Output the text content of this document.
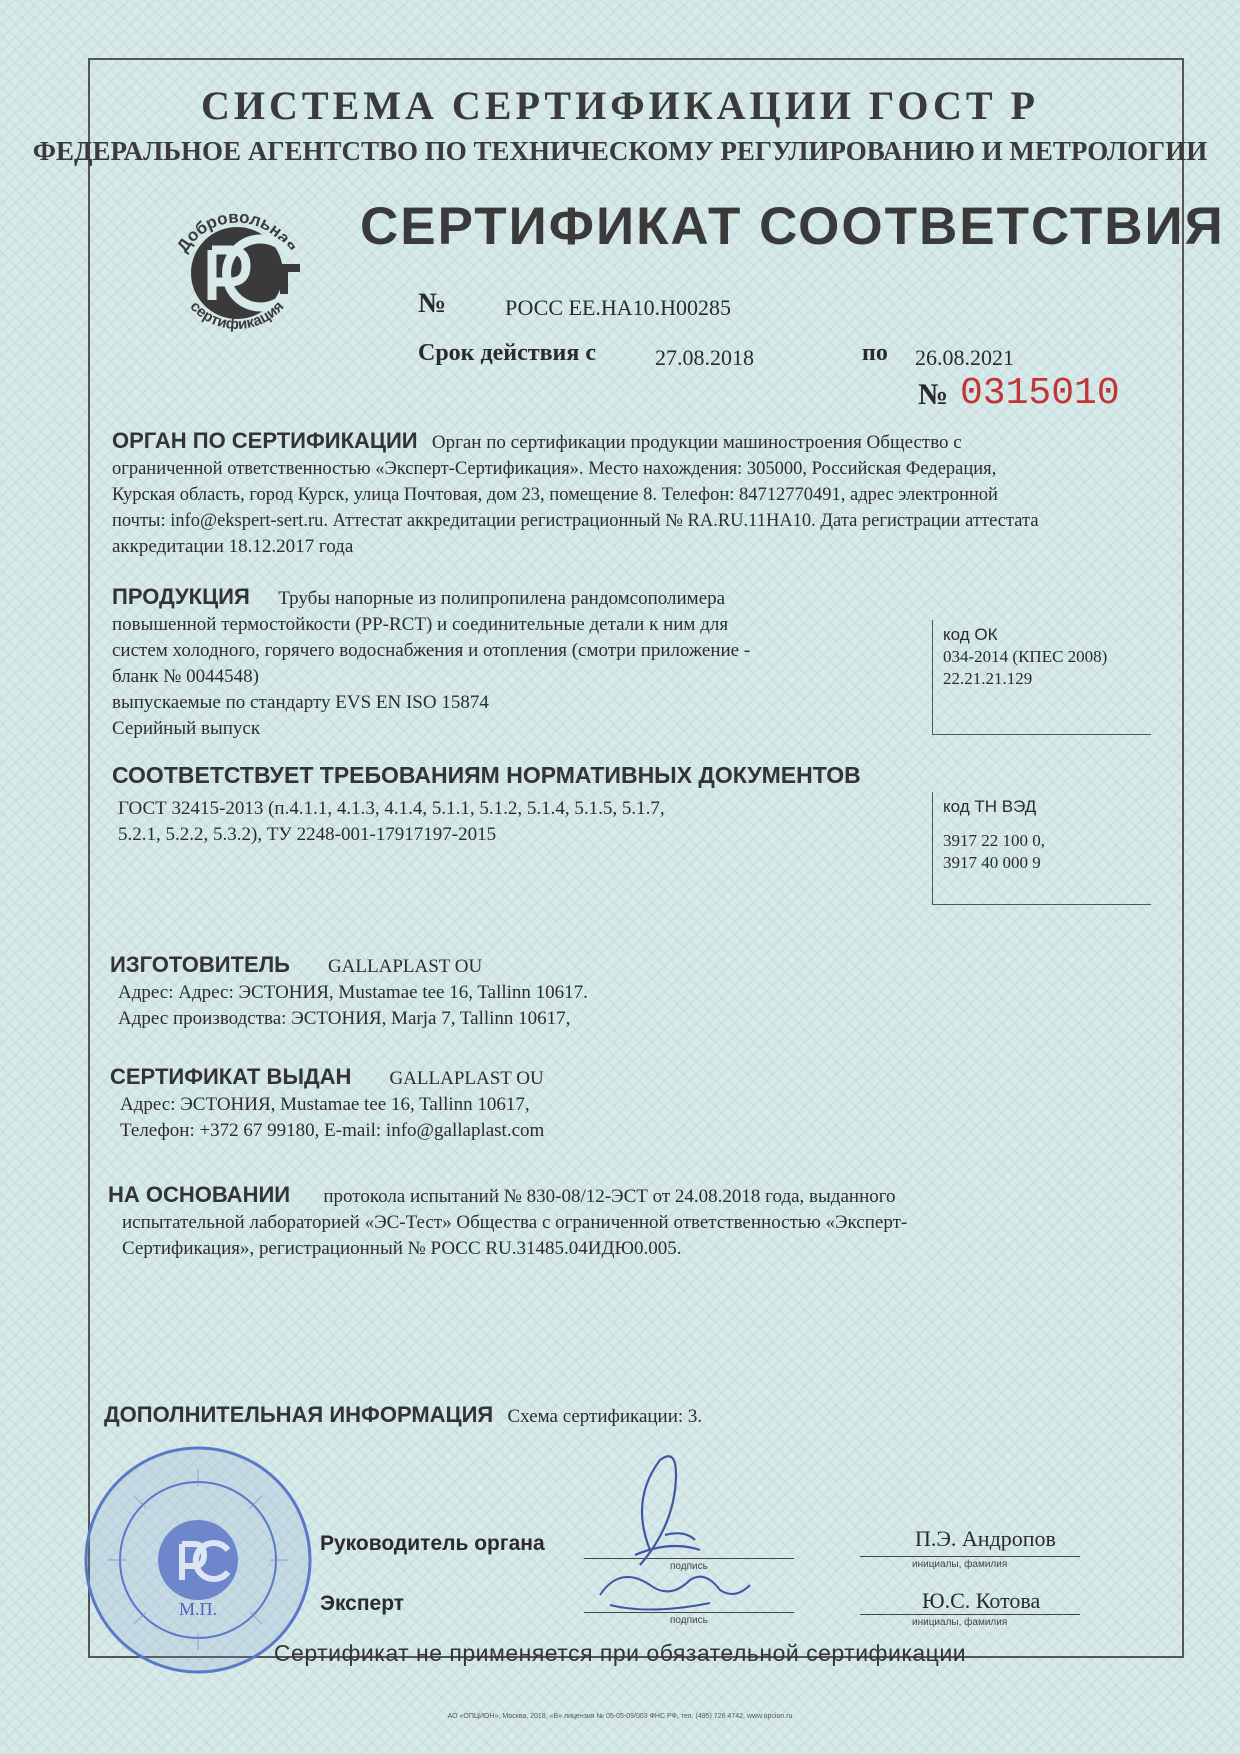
СИСТЕМА СЕРТИФИКАЦИИ ГОСТ Р
ФЕДЕРАЛЬНОЕ АГЕНТСТВО ПО ТЕХНИЧЕСКОМУ РЕГУЛИРОВАНИЮ И МЕТРОЛОГИИ
Добровольная
сертификация
СЕРТИФИКАТ СООТВЕТСТВИЯ
№	РОСС EE.НА10.Н00285
Срок действия с	27.08.2018	по 26.08.2021
№ 0315010
ОРГАН ПО СЕРТИФИКАЦИИ Орган по сертификации продукции машиностроения Общество с
ограниченной ответственностью «Эксперт-Сертификация». Место нахождения: 305000, Российская Федерация,
Курская область, город Курск, улица Почтовая, дом 23, помещение 8. Телефон: 84712770491, адрес электронной
почты: info@ekspert-sert.ru. Аттестат аккредитации регистрационный № RA.RU.11НА10. Дата регистрации аттестата
аккредитации 18.12.2017 года
ПРОДУКЦИЯ Трубы напорные из полипропилена рандомсополимера
повышенной термостойкости (PP-RCT) и соединительные детали к ним для
систем холодного, горячего водоснабжения и отопления (смотри приложение -
бланк № 0044548)
выпускаемые по стандарту EVS EN ISO 15874
Серийный выпуск
код ОК
034-2014 (КПЕС 2008)
22.21.21.129
СООТВЕТСТВУЕТ ТРЕБОВАНИЯМ НОРМАТИВНЫХ ДОКУМЕНТОВ
ГОСТ 32415-2013 (п.4.1.1, 4.1.3, 4.1.4, 5.1.1, 5.1.2, 5.1.4, 5.1.5, 5.1.7,
5.2.1, 5.2.2, 5.3.2), ТУ 2248-001-17917197-2015
код ТН ВЭД
3917 22 100 0,
3917 40 000 9
ИЗГОТОВИТЕЛЬ GALLAPLAST OU
Адрес: Адрес: ЭСТОНИЯ, Mustamae tee 16, Tallinn 10617.
Адрес производства: ЭСТОНИЯ, Marja 7, Tallinn 10617,
СЕРТИФИКАТ ВЫДАН GALLAPLAST OU
Адрес: ЭСТОНИЯ, Mustamae tee 16, Tallinn 10617,
Телефон: +372 67 99180, E-mail: info@gallaplast.com
НА ОСНОВАНИИ протокола испытаний № 830-08/12-ЭСТ от 24.08.2018 года, выданного
испытательной лабораторией «ЭС-Тест» Общества с ограниченной ответственностью «Эксперт-
Сертификация», регистрационный № РОСС RU.31485.04ИДЮ0.005.
ДОПОЛНИТЕЛЬНАЯ ИНФОРМАЦИЯ Схема сертификации: 3.
М.П.
Руководитель органа
подпись
П.Э. Андропов
инициалы, фамилия
Эксперт
подпись
Ю.С. Котова
инициалы, фамилия
Сертификат не применяется при обязательной сертификации
АО «ОПЦИОН», Москва, 2018, «В» лицензия № 05-05-09/003 ФНС РФ, тел. (495) 726 4742, www.opcion.ru
